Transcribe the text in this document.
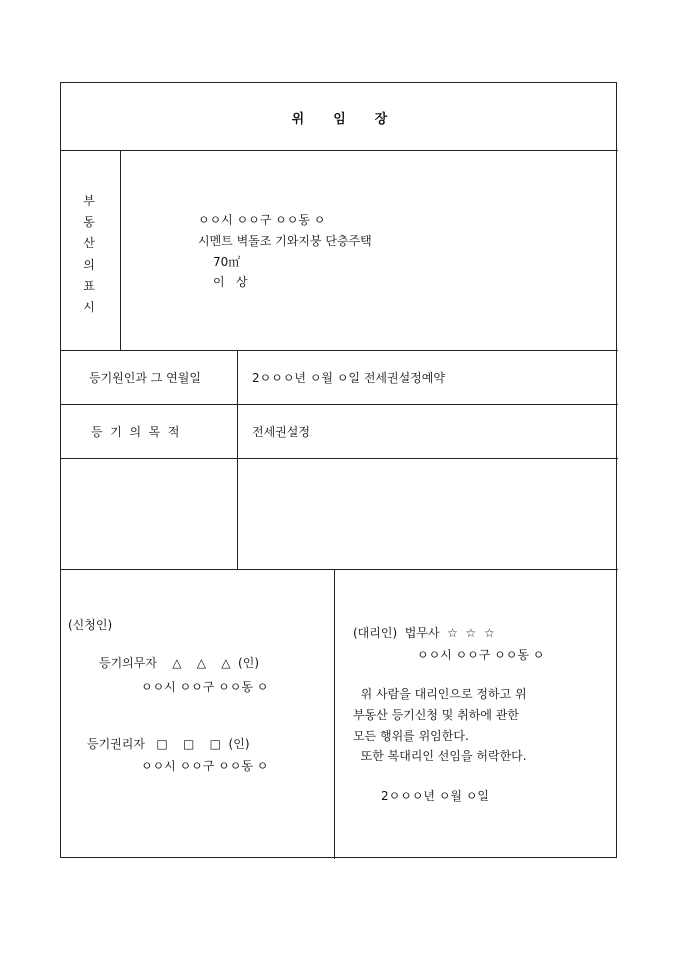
위임장
부
동
산
의
표
시
ㅇㅇ시 ㅇㅇ구 ㅇㅇ동 ㅇ
시멘트 벽돌조 기와지붕 단층주택
70㎡
이   상
등기원인과 그 연월일	2ㅇㅇㅇ년 ㅇ월 ㅇ일 전세권설정예약
등  기  의  목  적	전세권설정
(신청인)
등기의무자    △    △    △  (인)
ㅇㅇ시 ㅇㅇ구 ㅇㅇ동 ㅇ
등기권리자   □    □    □  (인)
ㅇㅇ시 ㅇㅇ구 ㅇㅇ동 ㅇ
(대리인)  법무사  ☆  ☆  ☆
ㅇㅇ시 ㅇㅇ구 ㅇㅇ동 ㅇ
위 사람을 대리인으로 정하고 위
부동산 등기신청 및 취하에 관한
모든 행위를 위임한다.
또한 복대리인 선임을 허락한다.
2ㅇㅇㅇ년 ㅇ월 ㅇ일
